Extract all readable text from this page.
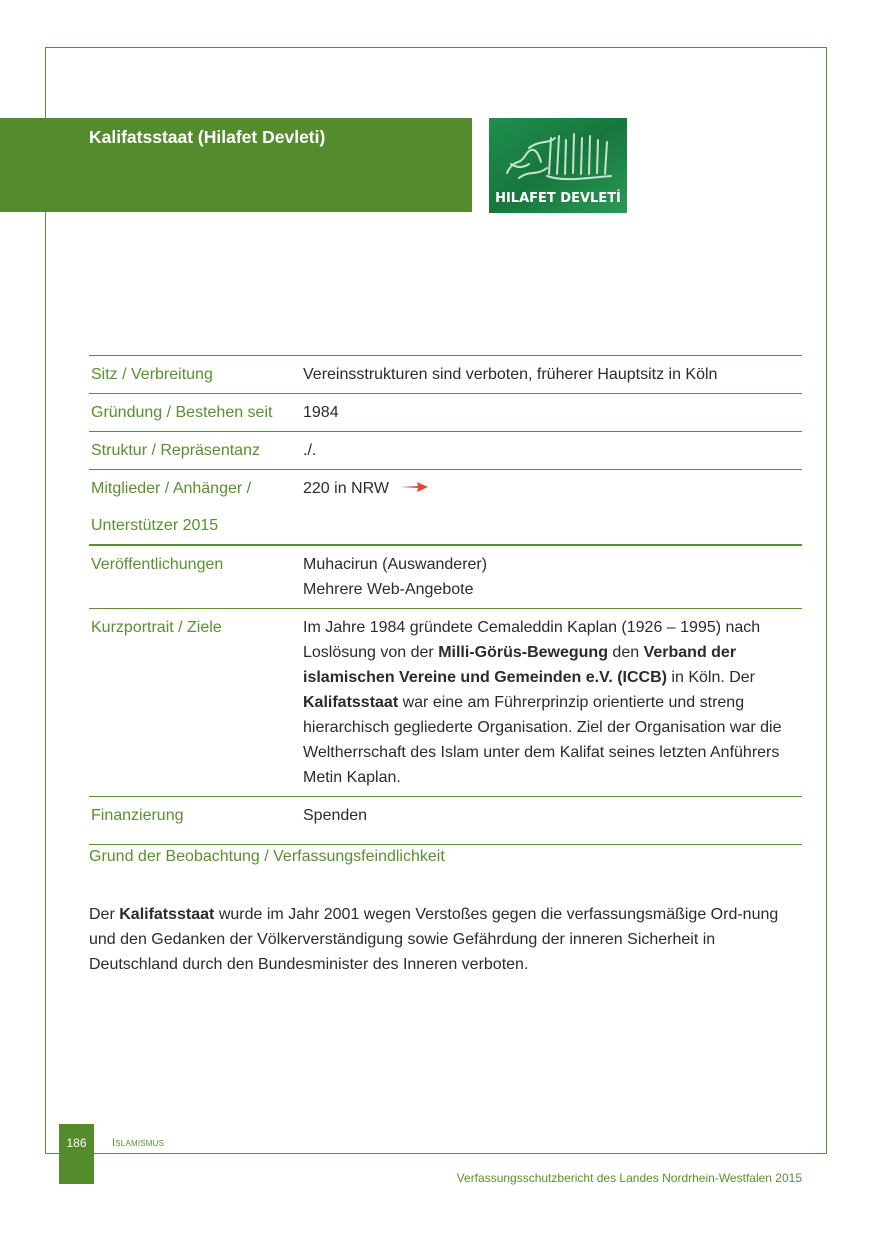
Kalifatsstaat (Hilafet Devleti)
HILAFET DEVLETİ
Sitz / Verbreitung	Vereinsstrukturen sind verboten, früherer Hauptsitz in Köln
Gründung / Bestehen seit	1984
Struktur / Repräsentanz	./.

Mitglieder / Anhänger /
Unterstützer 2015	220 in NRW
Veröffentlichungen	Muhacirun (Auswanderer)
Mehrere Web-Angebote

Kurzportrait / Ziele	Im Jahre 1984 gründete Cemaleddin Kaplan (1926 – 1995) nach Loslösung von der Milli-Görüs-Bewegung den Verband der islamischen Vereine und Gemeinden e.V. (ICCB) in Köln. Der Kalifatsstaat war eine am Führerprinzip orientierte und streng hierarchisch gegliederte Organisation. Ziel der Organisation war die Weltherrschaft des Islam unter dem Kalifat seines letzten Anführers Metin Kaplan.
Finanzierung	Spenden
Grund der Beobachtung / Verfassungsfeindlichkeit

Der Kalifatsstaat wurde im Jahr 2001 wegen Verstoßes gegen die verfassungsmäßige Ord-nung und den Gedanken der Völkerverständigung sowie Gefährdung der inneren Sicherheit in Deutschland durch den Bundesminister des Inneren verboten.

186	Islamismus
Verfassungsschutzbericht des Landes Nordrhein-Westfalen 2015
